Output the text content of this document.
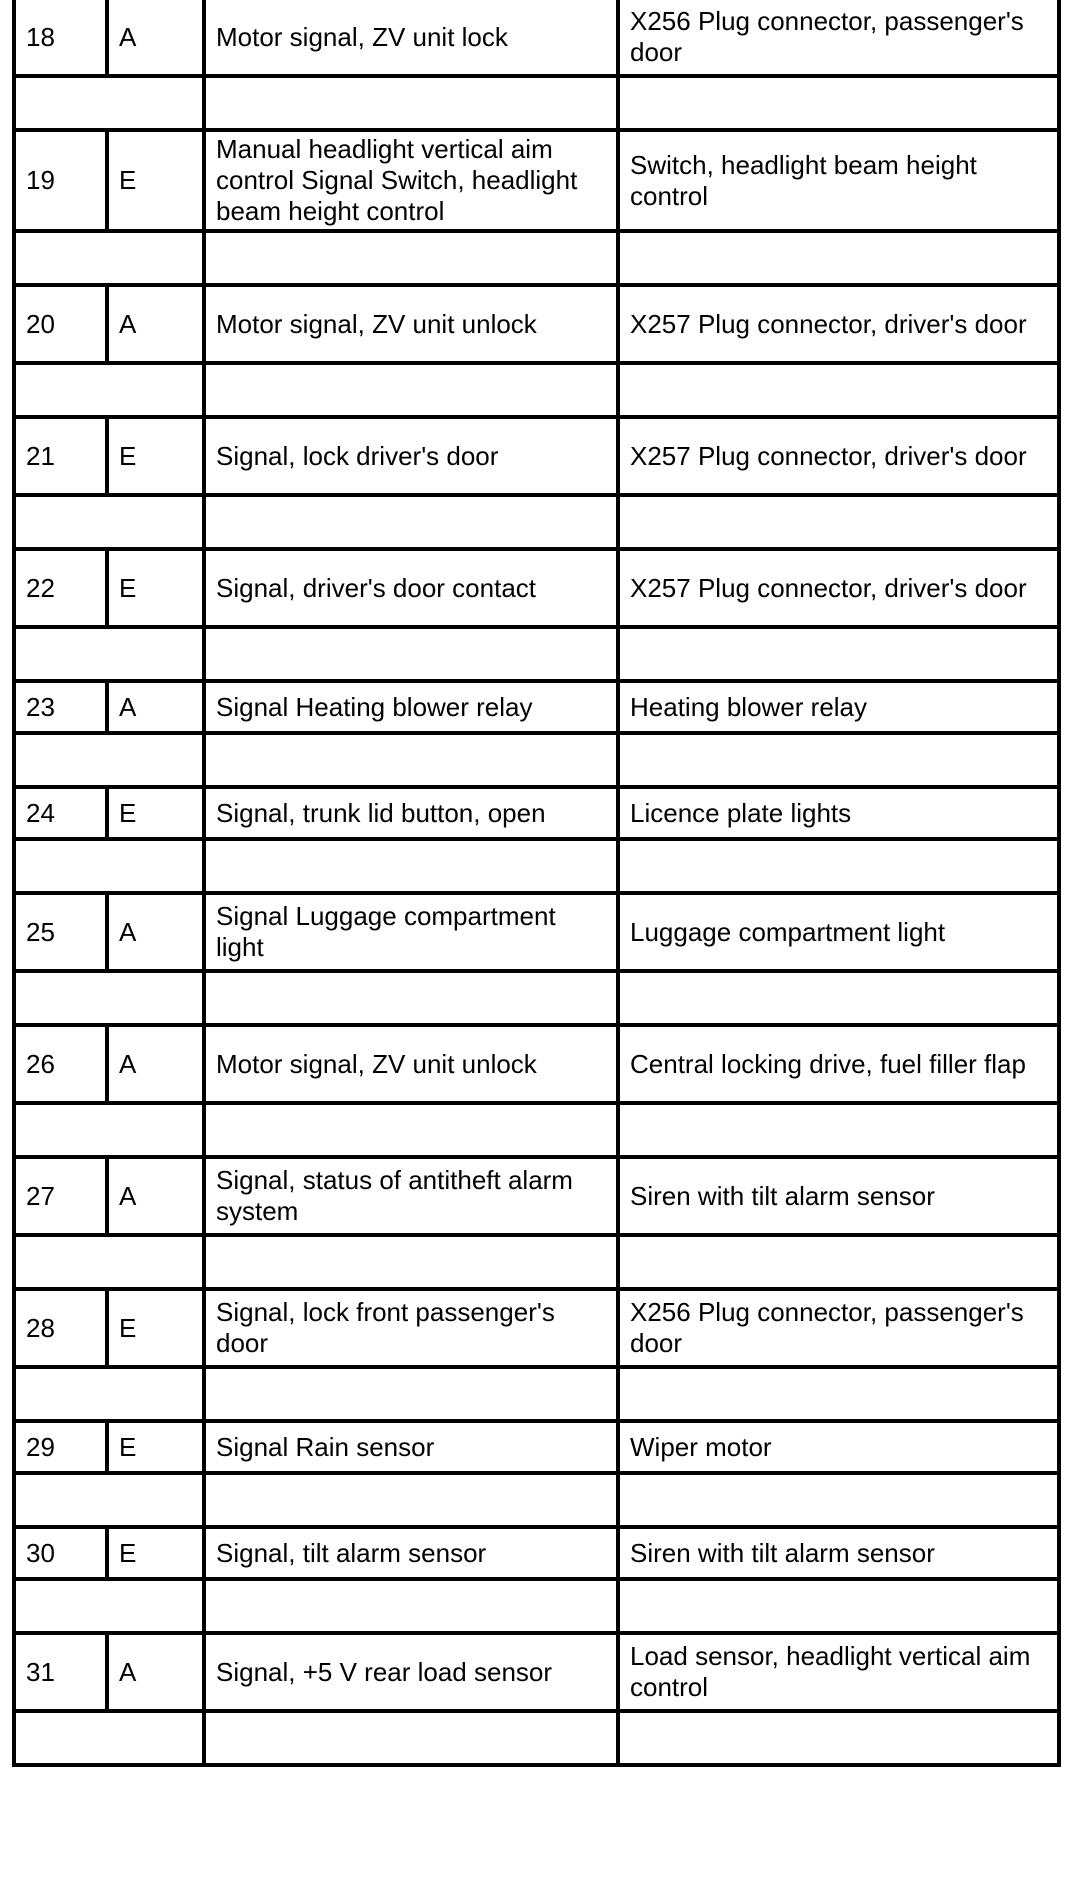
18	A	Motor signal, ZV unit lock	X256 Plug connector, passenger's door

19	E	Manual headlight vertical aim control Signal Switch, headlight beam height control	Switch, headlight beam height control

20	A	Motor signal, ZV unit unlock	X257 Plug connector, driver's door

21	E	Signal, lock driver's door	X257 Plug connector, driver's door

22	E	Signal, driver's door contact	X257 Plug connector, driver's door

23	A	Signal Heating blower relay	Heating blower relay

24	E	Signal, trunk lid button, open	Licence plate lights

25	A	Signal Luggage compartment light	Luggage compartment light

26	A	Motor signal, ZV unit unlock	Central locking drive, fuel filler flap

27	A	Signal, status of antitheft alarm system	Siren with tilt alarm sensor

28	E	Signal, lock front passenger's door	X256 Plug connector, passenger's door

29	E	Signal Rain sensor	Wiper motor

30	E	Signal, tilt alarm sensor	Siren with tilt alarm sensor

31	A	Signal, +5 V rear load sensor	Load sensor, headlight vertical aim control
